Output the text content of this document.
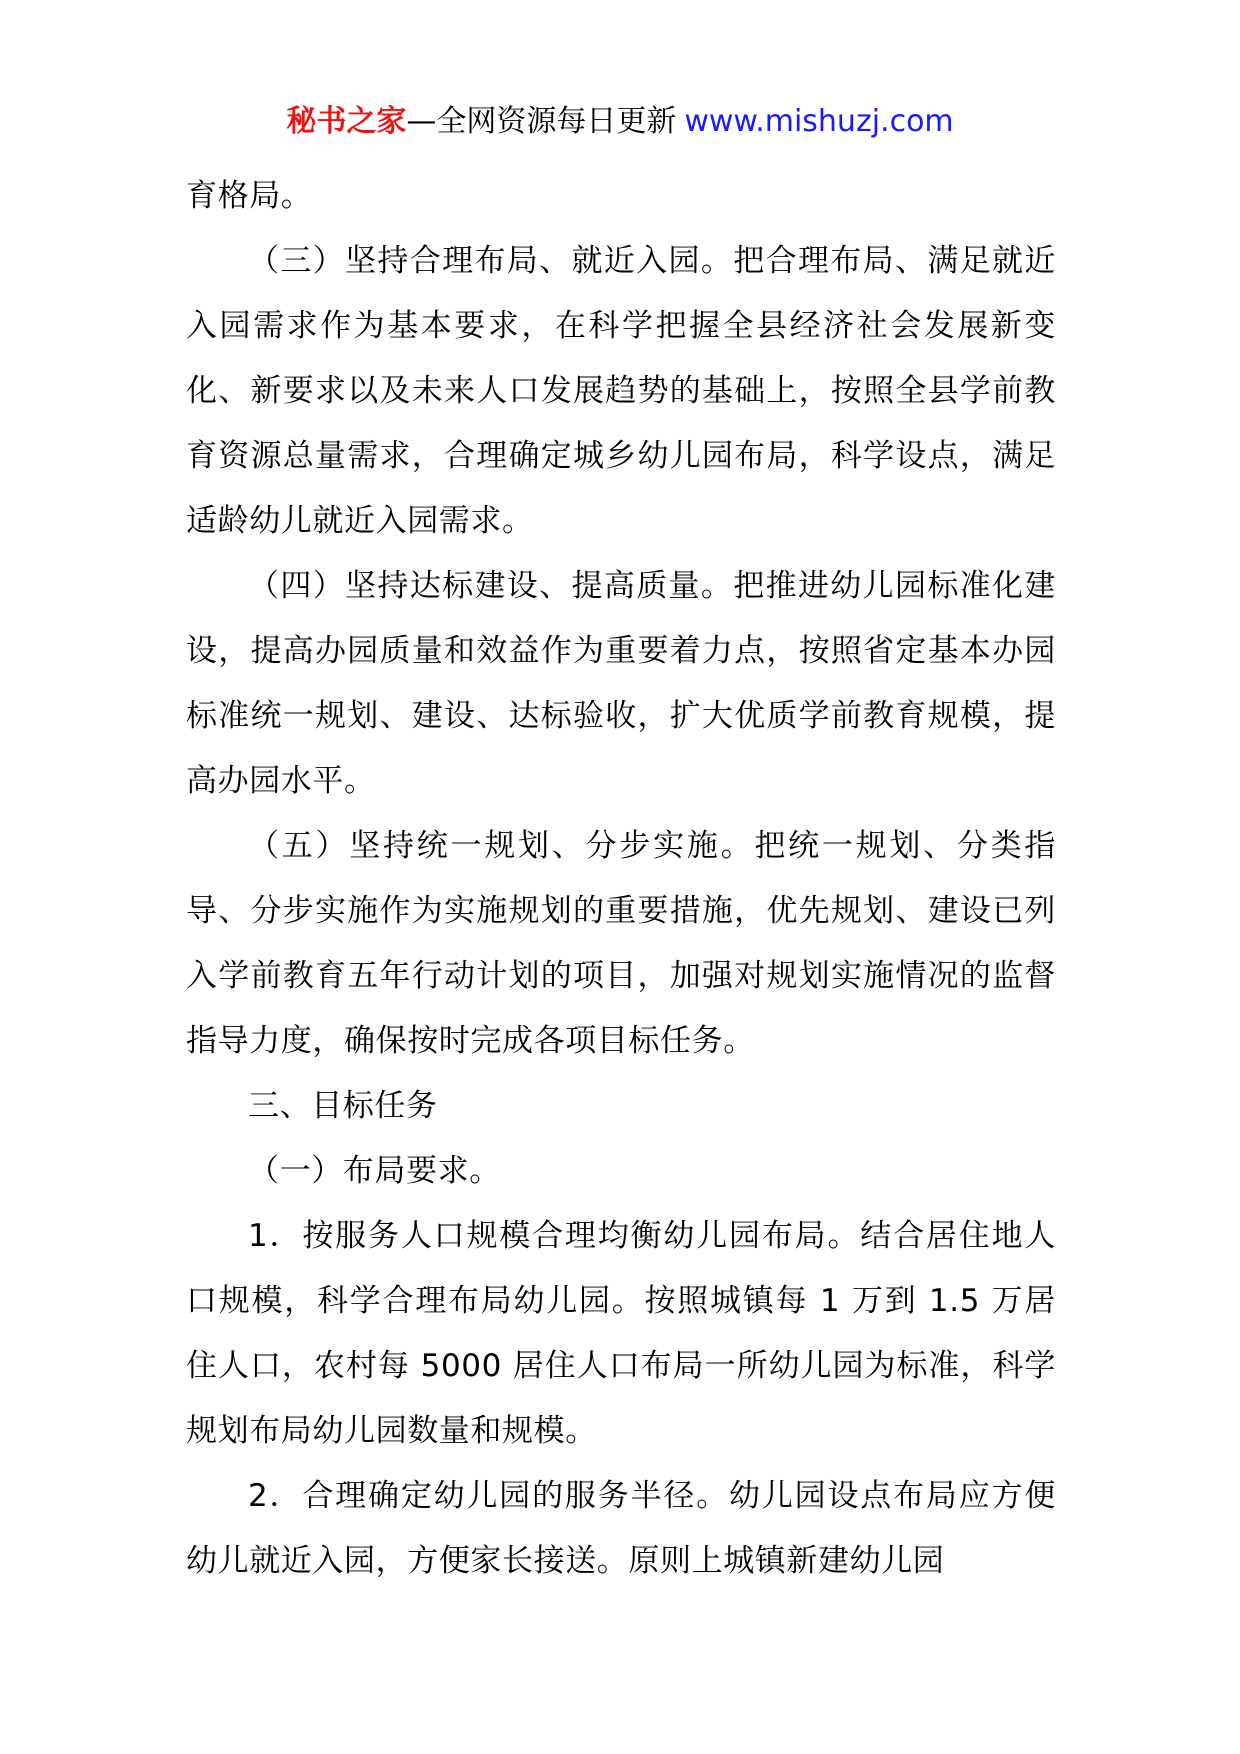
秘书之家—全网资源每日更新 www.mishuzj.com

育格局。

（三）坚持合理布局、就近入园。把合理布局、满足就近入园需求作为基本要求，在科学把握全县经济社会发展新变化、新要求以及未来人口发展趋势的基础上，按照全县学前教育资源总量需求，合理确定城乡幼儿园布局，科学设点，满足适龄幼儿就近入园需求。

（四）坚持达标建设、提高质量。把推进幼儿园标准化建设，提高办园质量和效益作为重要着力点，按照省定基本办园标准统一规划、建设、达标验收，扩大优质学前教育规模，提高办园水平。

（五）坚持统一规划、分步实施。把统一规划、分类指导、分步实施作为实施规划的重要措施，优先规划、建设已列入学前教育五年行动计划的项目，加强对规划实施情况的监督指导力度，确保按时完成各项目标任务。

三、目标任务

（一）布局要求。

1．按服务人口规模合理均衡幼儿园布局。结合居住地人口规模，科学合理布局幼儿园。按照城镇每 1 万到 1.5 万居住人口，农村每 5000 居住人口布局一所幼儿园为标准，科学规划布局幼儿园数量和规模。

2．合理确定幼儿园的服务半径。幼儿园设点布局应方便幼儿就近入园，方便家长接送。原则上城镇新建幼儿园
